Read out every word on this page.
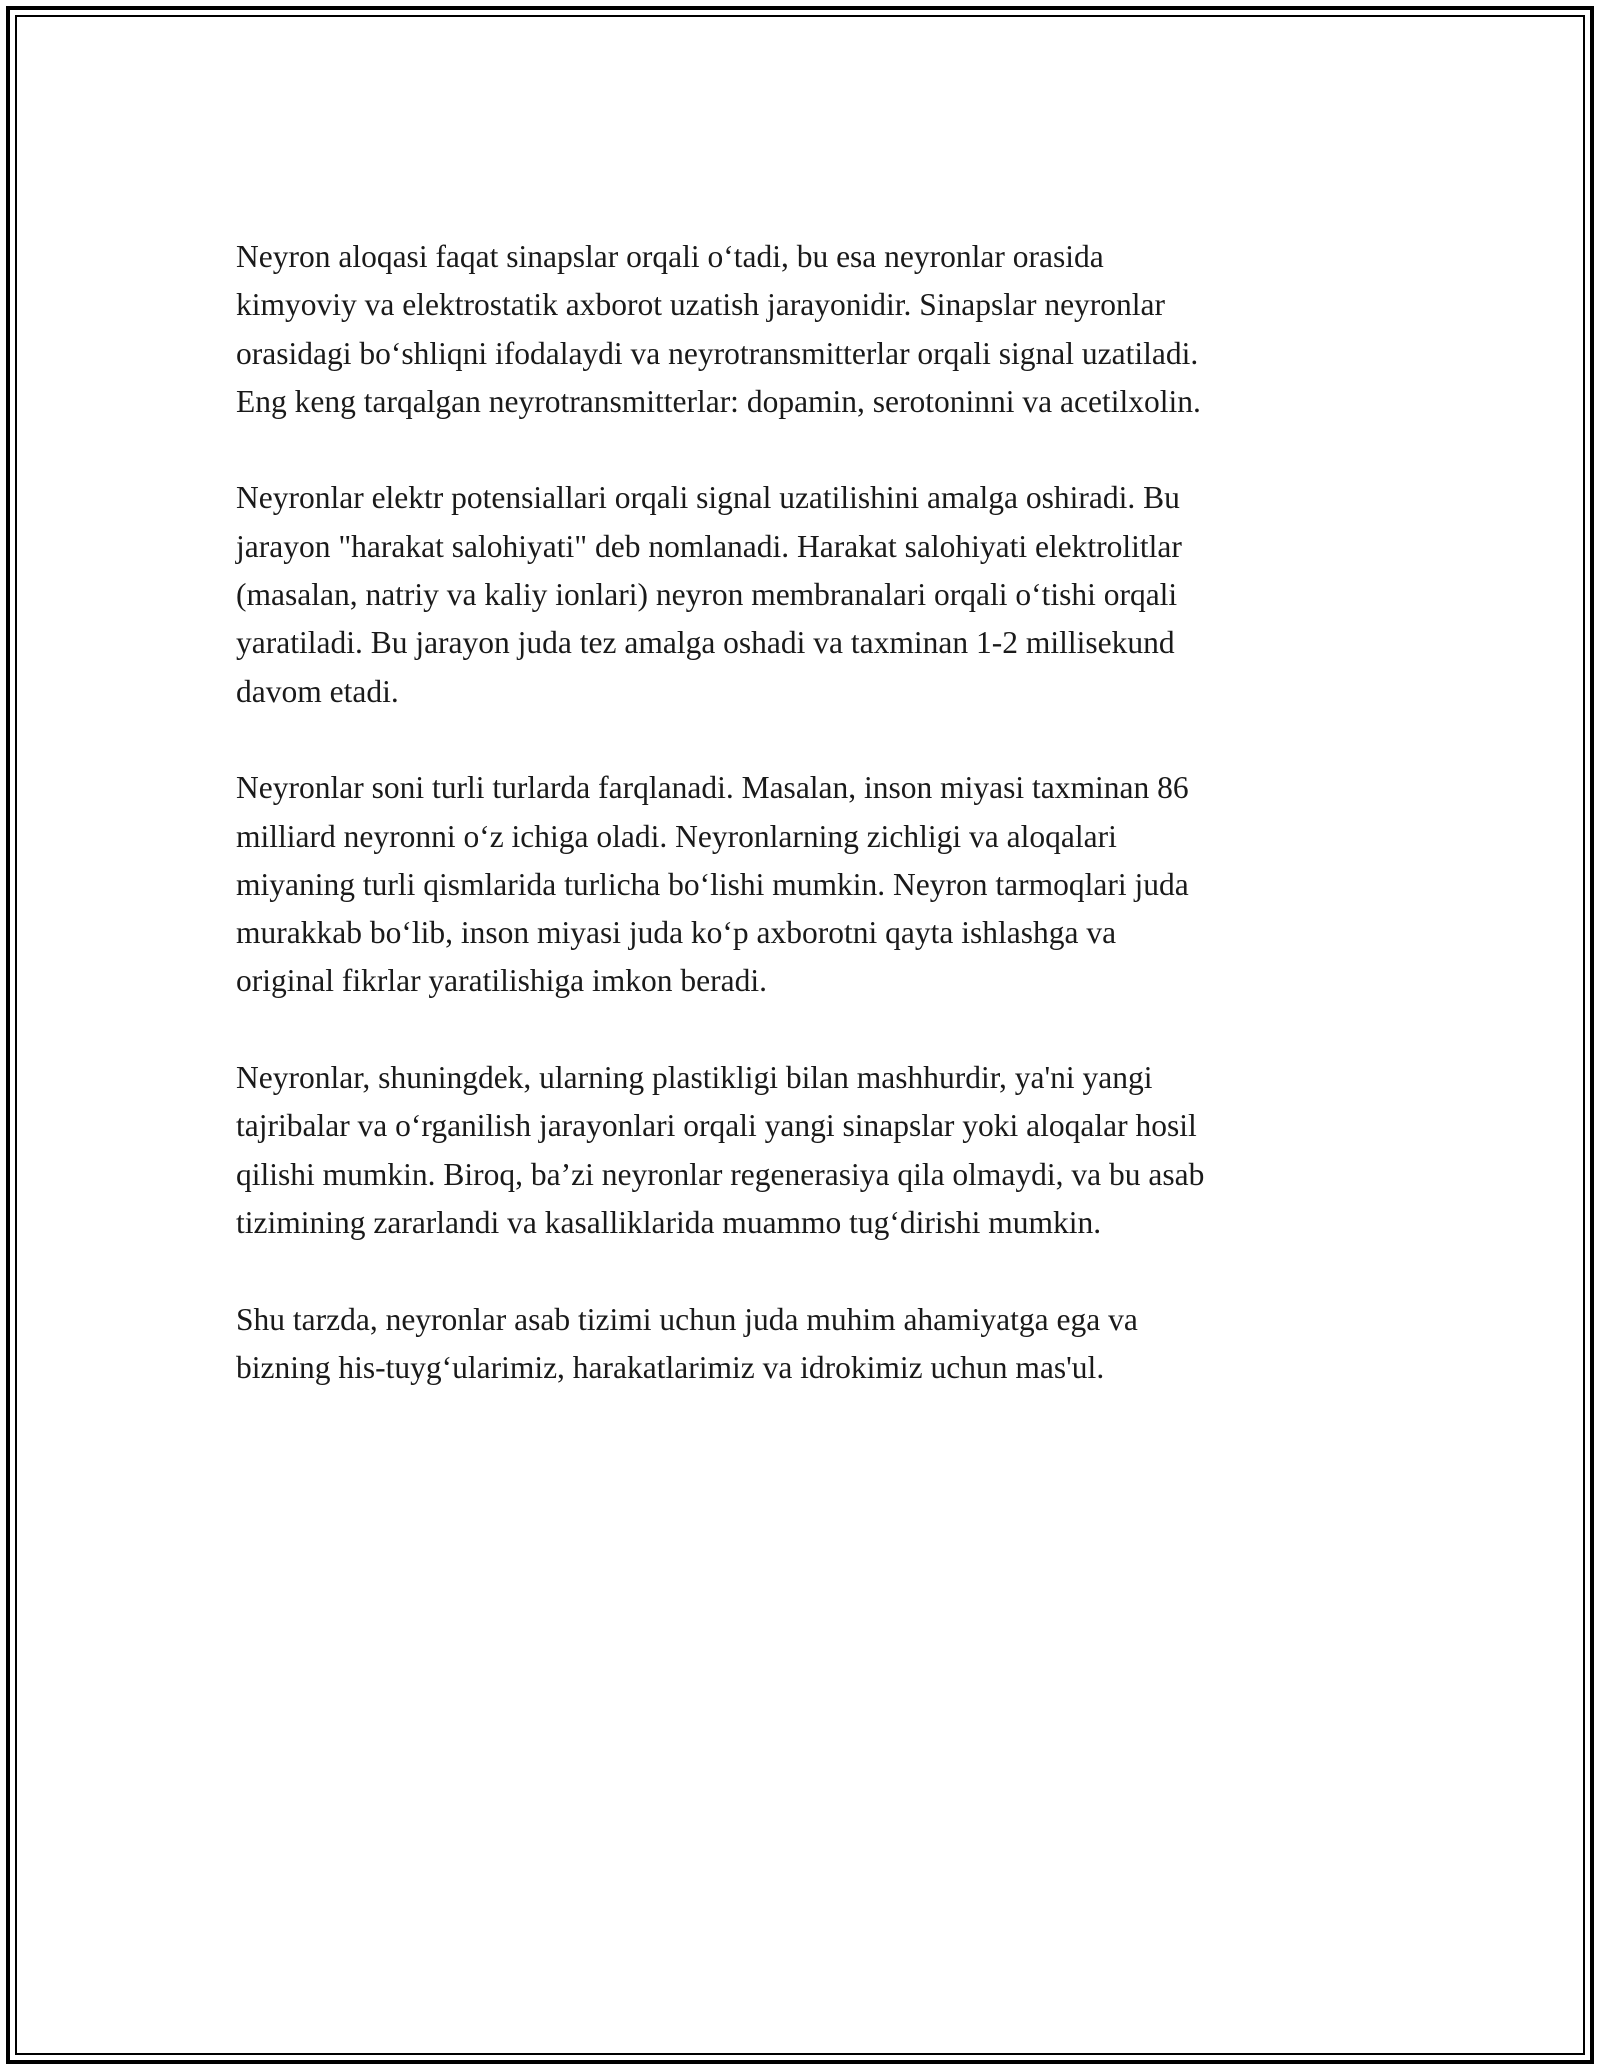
Neyron aloqasi faqat sinapslar orqali o‘tadi, bu esa neyronlar orasida
kimyoviy va elektrostatik axborot uzatish jarayonidir. Sinapslar neyronlar
orasidagi bo‘shliqni ifodalaydi va neyrotransmitterlar orqali signal uzatiladi.
Eng keng tarqalgan neyrotransmitterlar: dopamin, serotoninni va acetilxolin.

Neyronlar elektr potensiallari orqali signal uzatilishini amalga oshiradi. Bu
jarayon "harakat salohiyati" deb nomlanadi. Harakat salohiyati elektrolitlar
(masalan, natriy va kaliy ionlari) neyron membranalari orqali o‘tishi orqali
yaratiladi. Bu jarayon juda tez amalga oshadi va taxminan 1-2 millisekund
davom etadi.

Neyronlar soni turli turlarda farqlanadi. Masalan, inson miyasi taxminan 86
milliard neyronni o‘z ichiga oladi. Neyronlarning zichligi va aloqalari
miyaning turli qismlarida turlicha bo‘lishi mumkin. Neyron tarmoqlari juda
murakkab bo‘lib, inson miyasi juda ko‘p axborotni qayta ishlashga va
original fikrlar yaratilishiga imkon beradi.

Neyronlar, shuningdek, ularning plastikligi bilan mashhurdir, ya'ni yangi
tajribalar va o‘rganilish jarayonlari orqali yangi sinapslar yoki aloqalar hosil
qilishi mumkin. Biroq, ba’zi neyronlar regenerasiya qila olmaydi, va bu asab
tizimining zararlandi va kasalliklarida muammo tug‘dirishi mumkin.

Shu tarzda, neyronlar asab tizimi uchun juda muhim ahamiyatga ega va
bizning his-tuyg‘ularimiz, harakatlarimiz va idrokimiz uchun mas'ul.
